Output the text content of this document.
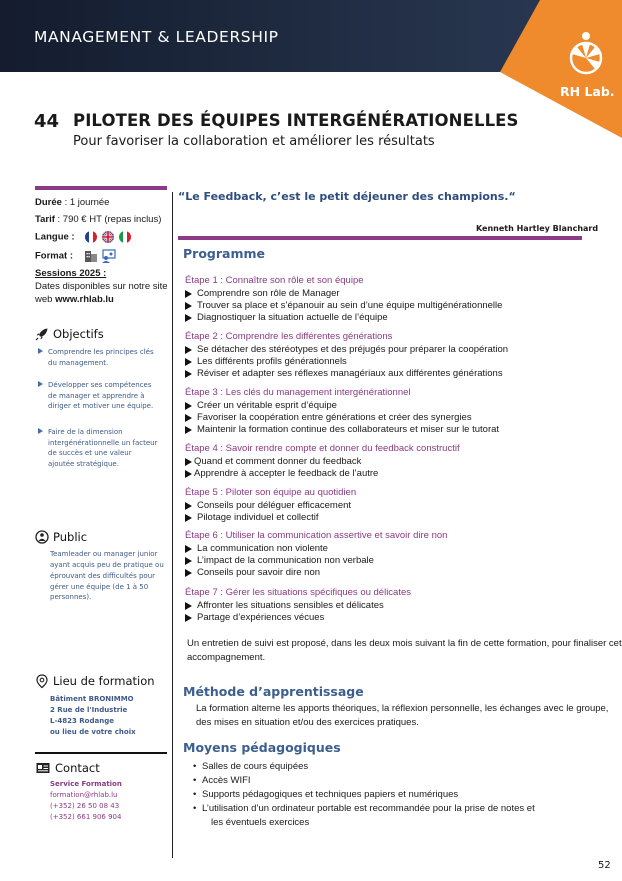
MANAGEMENT & LEADERSHIP
RH Lab.
44 PILOTER DES ÉQUIPES INTERGÉNÉRATIONELLES
Pour favoriser la collaboration et améliorer les résultats
Durée : 1 journée
Tarif : 790 € HT (repas inclus)
Langue :

Format :
Sessions 2025 :
Dates disponibles sur notre site
web www.rhlab.lu
Objectifs
Comprendre les principes clés du management.
Développer ses compétences de manager et apprendre à diriger et motiver une équipe.
Faire de la dimension intergénérationnelle un facteur de succès et une valeur ajoutée stratégique.
Public
Teamleader ou manager junior ayant acquis peu de pratique ou éprouvant des difficultés pour gérer une équipe (de 1 à 50 personnes).
Lieu de formation
Bâtiment BRONIMMO
2 Rue de l'Industrie
L-4823 Rodange
ou lieu de votre choix
Contact
Service Formation
formation@rhlab.lu
(+352) 26 50 08 43
(+352) 661 906 904
“Le Feedback, c’est le petit déjeuner des champions.“
Kenneth Hartley Blanchard
Programme
Étape 1 : Connaître son rôle et son équipe
Comprendre son rôle de Manager
Trouver sa place et s’épanouir au sein d’une équipe multigénérationnelle
Diagnostiquer la situation actuelle de l’équipe
Étape 2 : Comprendre les différentes générations
Se détacher des stéréotypes et des préjugés pour préparer la coopération
Les différents profils générationnels
Réviser et adapter ses réflexes managériaux aux différentes générations
Étape 3 : Les clés du management intergénérationnel
Créer un véritable esprit d’équipe
Favoriser la coopération entre générations et créer des synergies
Maintenir la formation continue des collaborateurs et miser sur le tutorat
Étape 4 : Savoir rendre compte et donner du feedback constructif
Quand et comment donner du feedback
Apprendre à accepter le feedback de l’autre
Étape 5 : Piloter son équipe au quotidien
Conseils pour déléguer efficacement
Pilotage individuel et collectif
Étape 6 : Utiliser la communication assertive et savoir dire non
La communication non violente
L’impact de la communication non verbale
Conseils pour savoir dire non
Étape 7 : Gérer les situations spécifiques ou délicates
Affronter les situations sensibles et délicates
Partage d’expériences vécues
Un entretien de suivi est proposé, dans les deux mois suivant la fin de cette formation, pour finaliser cet
accompagnement.
Méthode d’apprentissage
La formation alterne les apports théoriques, la réflexion personnelle, les échanges avec le groupe,
des mises en situation et/ou des exercices pratiques.
Moyens pédagogiques
• Salles de cours équipées
• Accès WIFI
• Supports pédagogiques et techniques papiers et numériques
• L’utilisation d’un ordinateur portable est recommandée pour la prise de notes et
les éventuels exercices
52
